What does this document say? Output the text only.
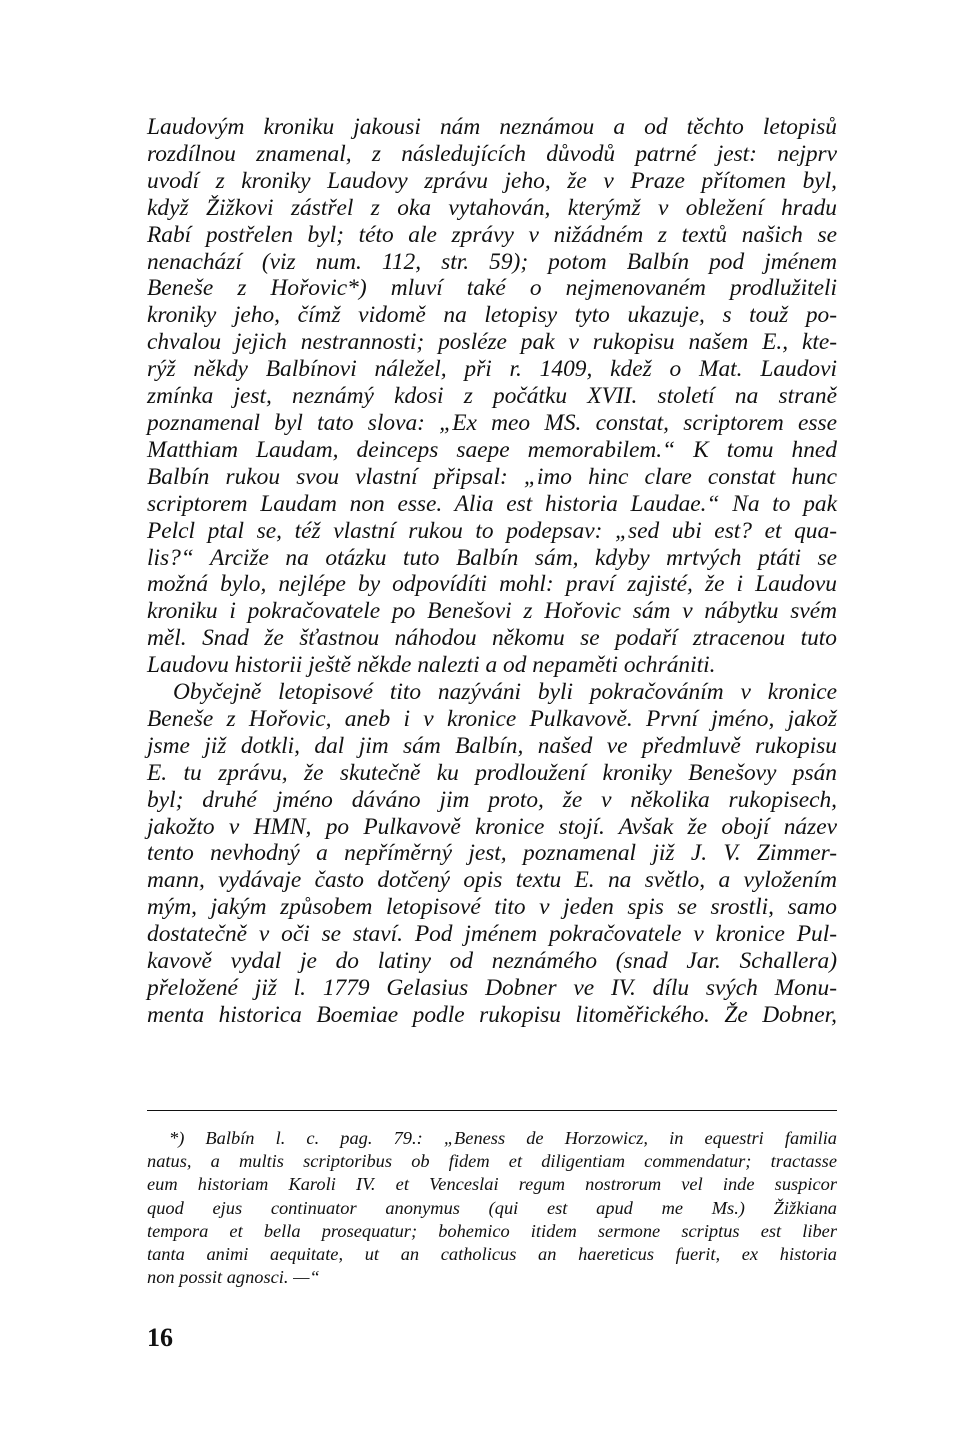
Laudovým kroniku jakousi nám neznámou a od těchto letopisů
rozdílnou znamenal, z následujících důvodů patrné jest: nejprv
uvodí z kroniky Laudovy zprávu jeho, že v Praze přítomen byl,
když Žižkovi zástřel z oka vytahován, kterýmž v obležení hradu
Rabí postřelen byl; této ale zprávy v nižádném z textů našich se
nenachází (viz num. 112, str. 59); potom Balbín pod jménem
Beneše z Hořovic*) mluví také o nejmenovaném prodlužiteli
kroniky jeho, čímž vidomě na letopisy tyto ukazuje, s touž po-
chvalou jejich nestrannosti; posléze pak v rukopisu našem E., kte-
rýž někdy Balbínovi náležel, při r. 1409, kdež o Mat. Laudovi
zmínka jest, neznámý kdosi z počátku XVII. století na straně
poznamenal byl tato slova: „Ex meo MS. constat, scriptorem esse
Matthiam Laudam, deinceps saepe memorabilem.“ K tomu hned
Balbín rukou svou vlastní připsal: „imo hinc clare constat hunc
scriptorem Laudam non esse. Alia est historia Laudae.“ Na to pak
Pelcl ptal se, též vlastní rukou to podepsav: „sed ubi est? et qua-
lis?“ Arciže na otázku tuto Balbín sám, kdyby mrtvých ptáti se
možná bylo, nejlépe by odpovídíti mohl: praví zajisté, že i Laudovu
kroniku i pokračovatele po Benešovi z Hořovic sám v nábytku svém
měl. Snad že šťastnou náhodou někomu se podaří ztracenou tuto
Laudovu historii ještě někde nalezti a od nepaměti ochrániti.
Obyčejně letopisové tito nazýváni byli pokračováním v kronice
Beneše z Hořovic, aneb i v kronice Pulkavově. První jméno, jakož
jsme již dotkli, dal jim sám Balbín, našed ve předmluvě rukopisu
E. tu zprávu, že skutečně ku prodloužení kroniky Benešovy psán
byl; druhé jméno dáváno jim proto, že v několika rukopisech,
jakožto v HMN, po Pulkavově kronice stojí. Avšak že obojí název
tento nevhodný a nepříměrný jest, poznamenal již J. V. Zimmer-
mann, vydávaje často dotčený opis textu E. na světlo, a vyložením
mým, jakým způsobem letopisové tito v jeden spis se srostli, samo
dostatečně v oči se staví. Pod jménem pokračovatele v kronice Pul-
kavově vydal je do latiny od neznámého (snad Jar. Schallera)
přeložené již l. 1779 Gelasius Dobner ve IV. dílu svých Monu-
menta historica Boemiae podle rukopisu litoměřického. Že Dobner,
*) Balbín l. c. pag. 79.: „Beness de Horzowicz, in equestri familia
natus, a multis scriptoribus ob fidem et diligentiam commendatur; tractasse
eum historiam Karoli IV. et Venceslai regum nostrorum vel inde suspicor
quod ejus continuator anonymus (qui est apud me Ms.) Žižkiana
tempora et bella prosequatur; bohemico itidem sermone scriptus est liber
tanta animi aequitate, ut an catholicus an haereticus fuerit, ex historia
non possit agnosci. —“
16
